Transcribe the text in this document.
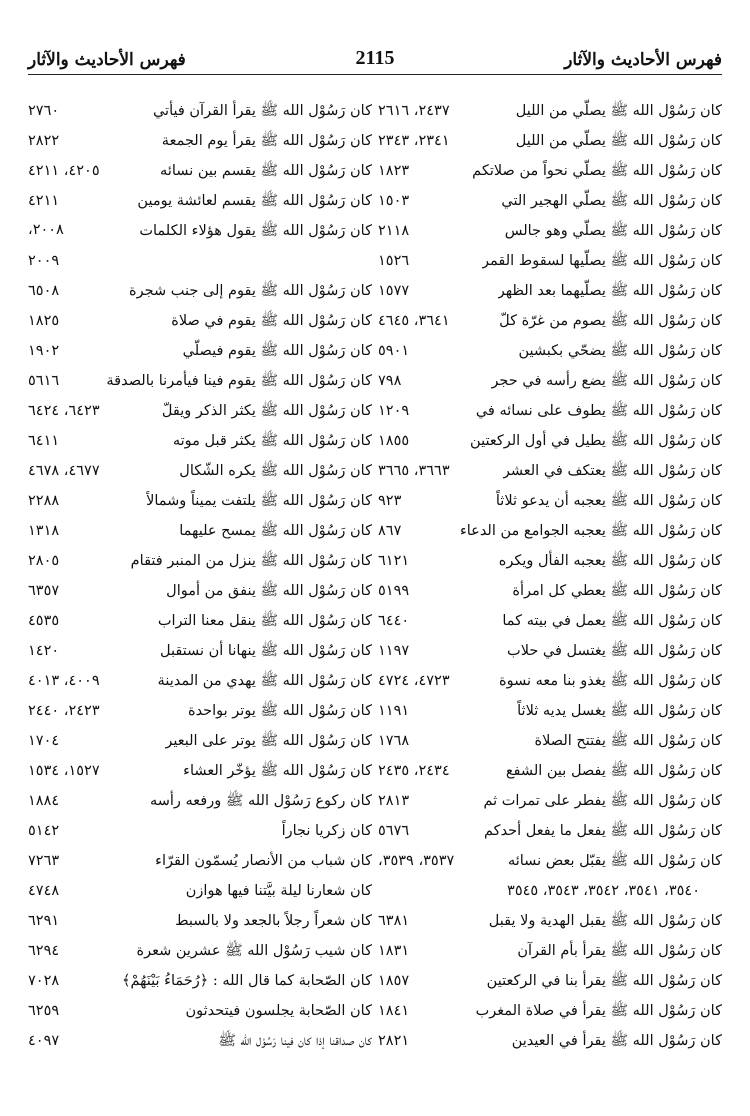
فهرس الأحاديث والآثار
2115
فهرس الأحاديث والآثار
كان رَسُوْل الله ﷺ يصلّي من الليل
٢٤٣٧، ٢٦١٦
كان رَسُوْل الله ﷺ يصلّي من الليل
٢٣٤١، ٢٣٤٣
كان رَسُوْل الله ﷺ يصلّي نحواً من صلاتكم
١٨٢٣
كان رَسُوْل الله ﷺ يصلّي الهجير التي
١٥٠٣
كان رَسُوْل الله ﷺ يصلّي وهو جالس
٢١١٨
كان رَسُوْل الله ﷺ يصلّيها لسقوط القمر
١٥٢٦
كان رَسُوْل الله ﷺ يصلّيهما بعد الظهر
١٥٧٧
كان رَسُوْل الله ﷺ يصوم من غرّة كلّ
٣٦٤١، ٤٦٤٥
كان رَسُوْل الله ﷺ يضحّي بكبشين
٥٩٠١
كان رَسُوْل الله ﷺ يضع رأسه في حجر
٧٩٨
كان رَسُوْل الله ﷺ يطوف على نسائه في
١٢٠٩
كان رَسُوْل الله ﷺ يطيل في أول الركعتين
١٨٥٥
كان رَسُوْل الله ﷺ يعتكف في العشر
٣٦٦٣، ٣٦٦٥
كان رَسُوْل الله ﷺ يعجبه أن يدعو ثلاثاً
٩٢٣
كان رَسُوْل الله ﷺ يعجبه الجوامع من الدعاء
٨٦٧
كان رَسُوْل الله ﷺ يعجبه الفأل ويكره
٦١٢١
كان رَسُوْل الله ﷺ يعطي كل امرأة
٥١٩٩
كان رَسُوْل الله ﷺ يعمل في بيته كما
٦٤٤٠
كان رَسُوْل الله ﷺ يغتسل في حلاب
١١٩٧
كان رَسُوْل الله ﷺ يغذو بنا معه نسوة
٤٧٢٣، ٤٧٢٤
كان رَسُوْل الله ﷺ يغسل يديه ثلاثاً
١١٩١
كان رَسُوْل الله ﷺ يفتتح الصلاة
١٧٦٨
كان رَسُوْل الله ﷺ يفصل بين الشفع
٢٤٣٤، ٢٤٣٥
كان رَسُوْل الله ﷺ يفطر على تمرات ثم
٢٨١٣
كان رَسُوْل الله ﷺ يفعل ما يفعل أحدكم
٥٦٧٦
كان رَسُوْل الله ﷺ يقبّل بعض نسائه
٣٥٣٧، ٣٥٣٩،
٣٥٤٠، ٣٥٤١، ٣٥٤٢، ٣٥٤٣، ٣٥٤٥
كان رَسُوْل الله ﷺ يقبل الهدية ولا يقبل
٦٣٨١
كان رَسُوْل الله ﷺ يقرأ بأم القرآن
١٨٣١
كان رَسُوْل الله ﷺ يقرأ بنا في الركعتين
١٨٥٧
كان رَسُوْل الله ﷺ يقرأ في صلاة المغرب
١٨٤١
كان رَسُوْل الله ﷺ يقرأ في العيدين
٢٨٢١
كان رَسُوْل الله ﷺ يقرأ القرآن فيأتي
٢٧٦٠
كان رَسُوْل الله ﷺ يقرأ يوم الجمعة
٢٨٢٢
كان رَسُوْل الله ﷺ يقسم بين نسائه
٤٢٠٥، ٤٢١١
كان رَسُوْل الله ﷺ يقسم لعائشة يومين
٤٢١١
كان رَسُوْل الله ﷺ يقول هؤلاء الكلمات
٢٠٠٨،
٢٠٠٩
كان رَسُوْل الله ﷺ يقوم إلى جنب شجرة
٦٥٠٨
كان رَسُوْل الله ﷺ يقوم في صلاة
١٨٢٥
كان رَسُوْل الله ﷺ يقوم فيصلّي
١٩٠٢
كان رَسُوْل الله ﷺ يقوم فينا فيأمرنا بالصدقة
٥٦١٦
كان رَسُوْل الله ﷺ يكثر الذكر ويقلّ
٦٤٢٣، ٦٤٢٤
كان رَسُوْل الله ﷺ يكثر قبل موته
٦٤١١
كان رَسُوْل الله ﷺ يكره الشّكال
٤٦٧٧، ٤٦٧٨
كان رَسُوْل الله ﷺ يلتفت يميناً وشمالاً
٢٢٨٨
كان رَسُوْل الله ﷺ يمسح عليهما
١٣١٨
كان رَسُوْل الله ﷺ ينزل من المنبر فتقام
٢٨٠٥
كان رَسُوْل الله ﷺ ينفق من أموال
٦٣٥٧
كان رَسُوْل الله ﷺ ينقل معنا التراب
٤٥٣٥
كان رَسُوْل الله ﷺ ينهانا أن نستقبل
١٤٢٠
كان رَسُوْل الله ﷺ يهدي من المدينة
٤٠٠٩، ٤٠١٣
كان رَسُوْل الله ﷺ يوتر بواحدة
٢٤٢٣، ٢٤٤٠
كان رَسُوْل الله ﷺ يوتر على البعير
١٧٠٤
كان رَسُوْل الله ﷺ يؤخّر العشاء
١٥٢٧، ١٥٣٤
كان ركوع رَسُوْل الله ﷺ ورفعه رأسه
١٨٨٤
كان زكريا نجاراً
٥١٤٢
كان شباب من الأنصار يُسمّون القرّاء
٧٢٦٣
كان شعارنا ليلة بيَّتنا فيها هوازن
٤٧٤٨
كان شعراً رجلاً بالجعد ولا بالسبط
٦٢٩١
كان شيب رَسُوْل الله ﷺ عشرين شعرة
٦٢٩٤
كان الصّحابة كما قال الله : ﴿رُحَمَاءُ بَيْنَهُمْ﴾
٧٠٢٨
كان الصّحابة يجلسون فيتحدثون
٦٢٥٩
كان صداقنا إذا كان فينا رَسُوْل الله ﷺ
٤٠٩٧
